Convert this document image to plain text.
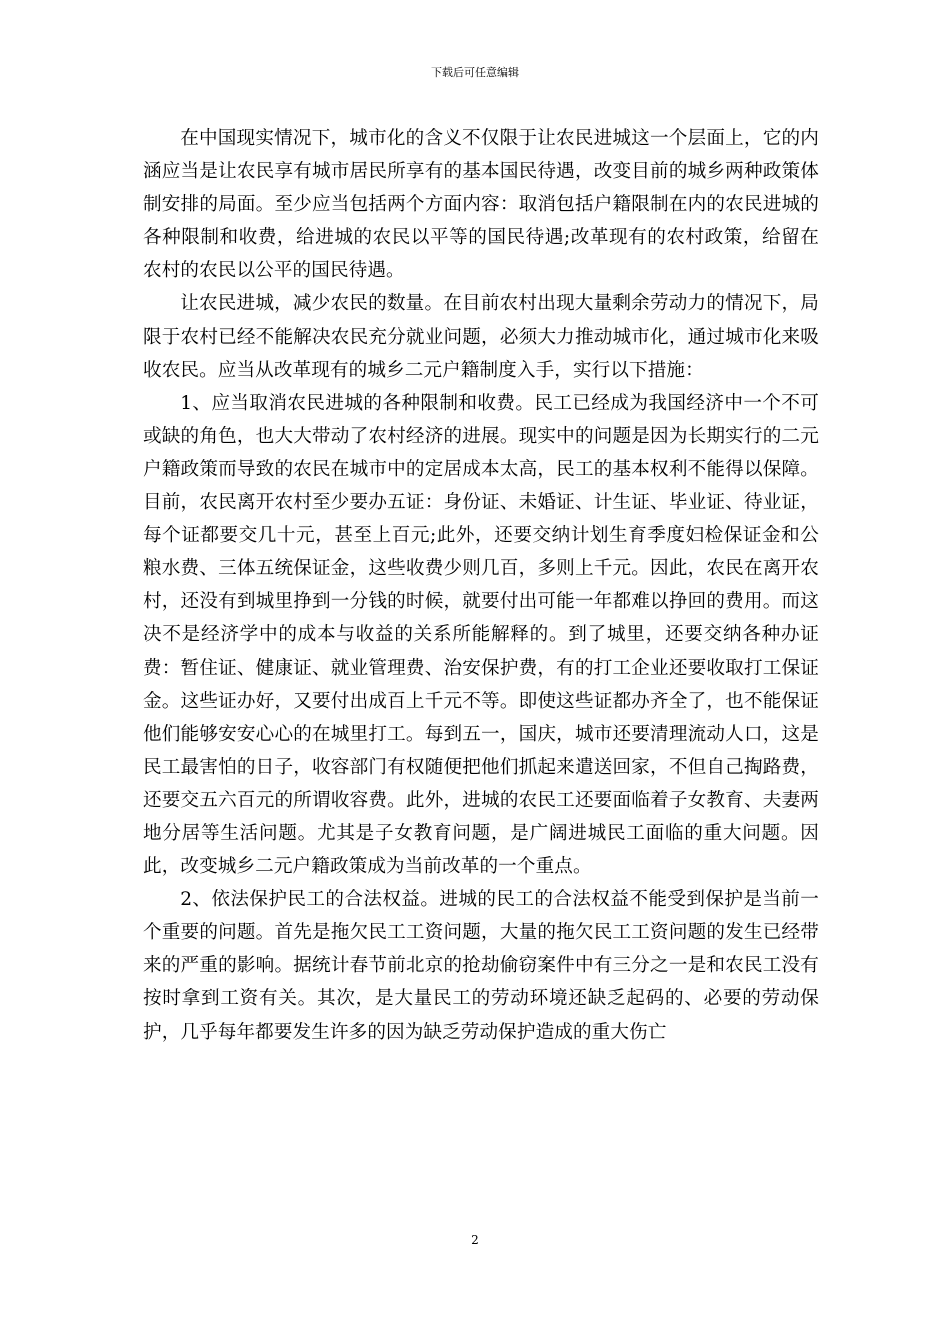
下载后可任意编辑

在中国现实情况下，城市化的含义不仅限于让农民进城这一个层面上，它的内涵应当是让农民享有城市居民所享有的基本国民待遇，改变目前的城乡两种政策体制安排的局面。至少应当包括两个方面内容：取消包括户籍限制在内的农民进城的各种限制和收费，给进城的农民以平等的国民待遇;改革现有的农村政策，给留在农村的农民以公平的国民待遇。

让农民进城，减少农民的数量。在目前农村出现大量剩余劳动力的情况下，局限于农村已经不能解决农民充分就业问题，必须大力推动城市化，通过城市化来吸收农民。应当从改革现有的城乡二元户籍制度入手，实行以下措施：

1、应当取消农民进城的各种限制和收费。民工已经成为我国经济中一个不可或缺的角色，也大大带动了农村经济的进展。现实中的问题是因为长期实行的二元户籍政策而导致的农民在城市中的定居成本太高，民工的基本权利不能得以保障。目前，农民离开农村至少要办五证：身份证、未婚证、计生证、毕业证、待业证，每个证都要交几十元，甚至上百元;此外，还要交纳计划生育季度妇检保证金和公粮水费、三体五统保证金，这些收费少则几百，多则上千元。因此，农民在离开农村，还没有到城里挣到一分钱的时候，就要付出可能一年都难以挣回的费用。而这决不是经济学中的成本与收益的关系所能解释的。到了城里，还要交纳各种办证费：暂住证、健康证、就业管理费、治安保护费，有的打工企业还要收取打工保证金。这些证办好，又要付出成百上千元不等。即使这些证都办齐全了，也不能保证他们能够安安心心的在城里打工。每到五一，国庆，城市还要清理流动人口，这是民工最害怕的日子，收容部门有权随便把他们抓起来遣送回家，不但自己掏路费，还要交五六百元的所谓收容费。此外，进城的农民工还要面临着子女教育、夫妻两地分居等生活问题。尤其是子女教育问题，是广阔进城民工面临的重大问题。因此，改变城乡二元户籍政策成为当前改革的一个重点。

2、依法保护民工的合法权益。进城的民工的合法权益不能受到保护是当前一个重要的问题。首先是拖欠民工工资问题，大量的拖欠民工工资问题的发生已经带来的严重的影响。据统计春节前北京的抢劫偷窃案件中有三分之一是和农民工没有按时拿到工资有关。其次，是大量民工的劳动环境还缺乏起码的、必要的劳动保护，几乎每年都要发生许多的因为缺乏劳动保护造成的重大伤亡

2
